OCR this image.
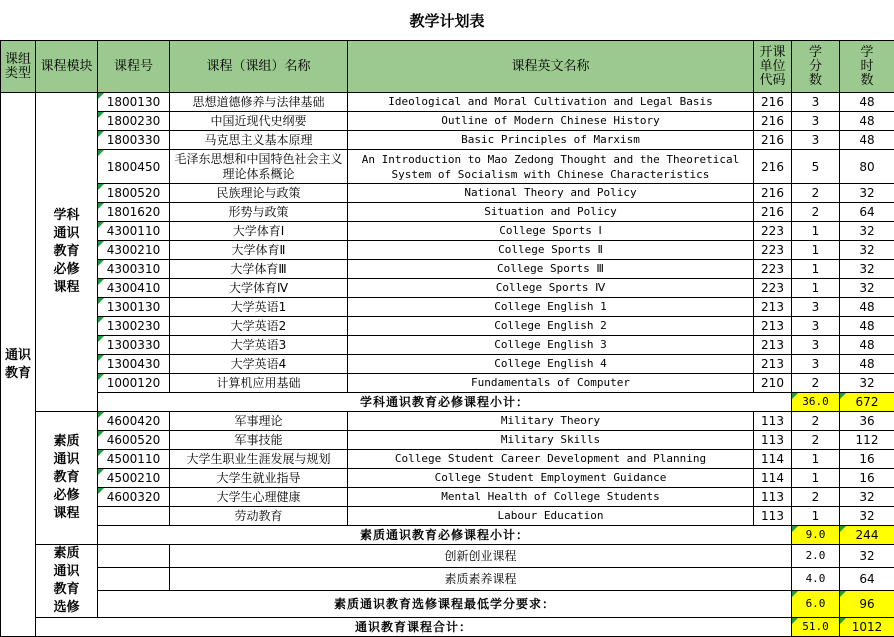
教学计划表
课组类型	课程模块	课程号	课程（课组）名称	课程英文名称	开课单位代码	学分数	学时数
通识教育	学科通识教育必修课程	1800130	思想道德修养与法律基础	Ideological and Moral Cultivation and Legal Basis	216	3	48
		1800230	中国近现代史纲要	Outline of Modern Chinese History	216	3	48
		1800330	马克思主义基本原理	Basic Principles of Marxism	216	3	48
		1800450	毛泽东思想和中国特色社会主义理论体系概论	An Introduction to Mao Zedong Thought and the Theoretical System of Socialism with Chinese Characteristics	216	5	80
		1800520	民族理论与政策	National Theory and Policy	216	2	32
		1801620	形势与政策	Situation and Policy	216	2	64
		4300110	大学体育Ⅰ	College Sports Ⅰ	223	1	32
		4300210	大学体育Ⅱ	College Sports Ⅱ	223	1	32
		4300310	大学体育Ⅲ	College Sports Ⅲ	223	1	32
		4300410	大学体育Ⅳ	College Sports Ⅳ	223	1	32
		1300130	大学英语1	College English 1	213	3	48
		1300230	大学英语2	College English 2	213	3	48
		1300330	大学英语3	College English 3	213	3	48
		1300430	大学英语4	College English 4	213	3	48
		1000120	计算机应用基础	Fundamentals of Computer	210	2	32
		学科通识教育必修课程小计：				36.0	672
	素质通识教育必修课程	4600420	军事理论	Military Theory	113	2	36
		4600520	军事技能	Military Skills	113	2	112
		4500110	大学生职业生涯发展与规划	College Student Career Development and Planning	114	1	16
		4500210	大学生就业指导	College Student Employment Guidance	114	1	16
		4600320	大学生心理健康	Mental Health of College Students	113	2	32
			劳动教育	Labour Education	113	1	32
		素质通识教育必修课程小计：				9.0	244
	素质通识教育选修		创新创业课程			2.0	32
			素质素养课程			4.0	64
		素质通识教育选修课程最低学分要求：				6.0	96
	通识教育课程合计：					51.0	1012
